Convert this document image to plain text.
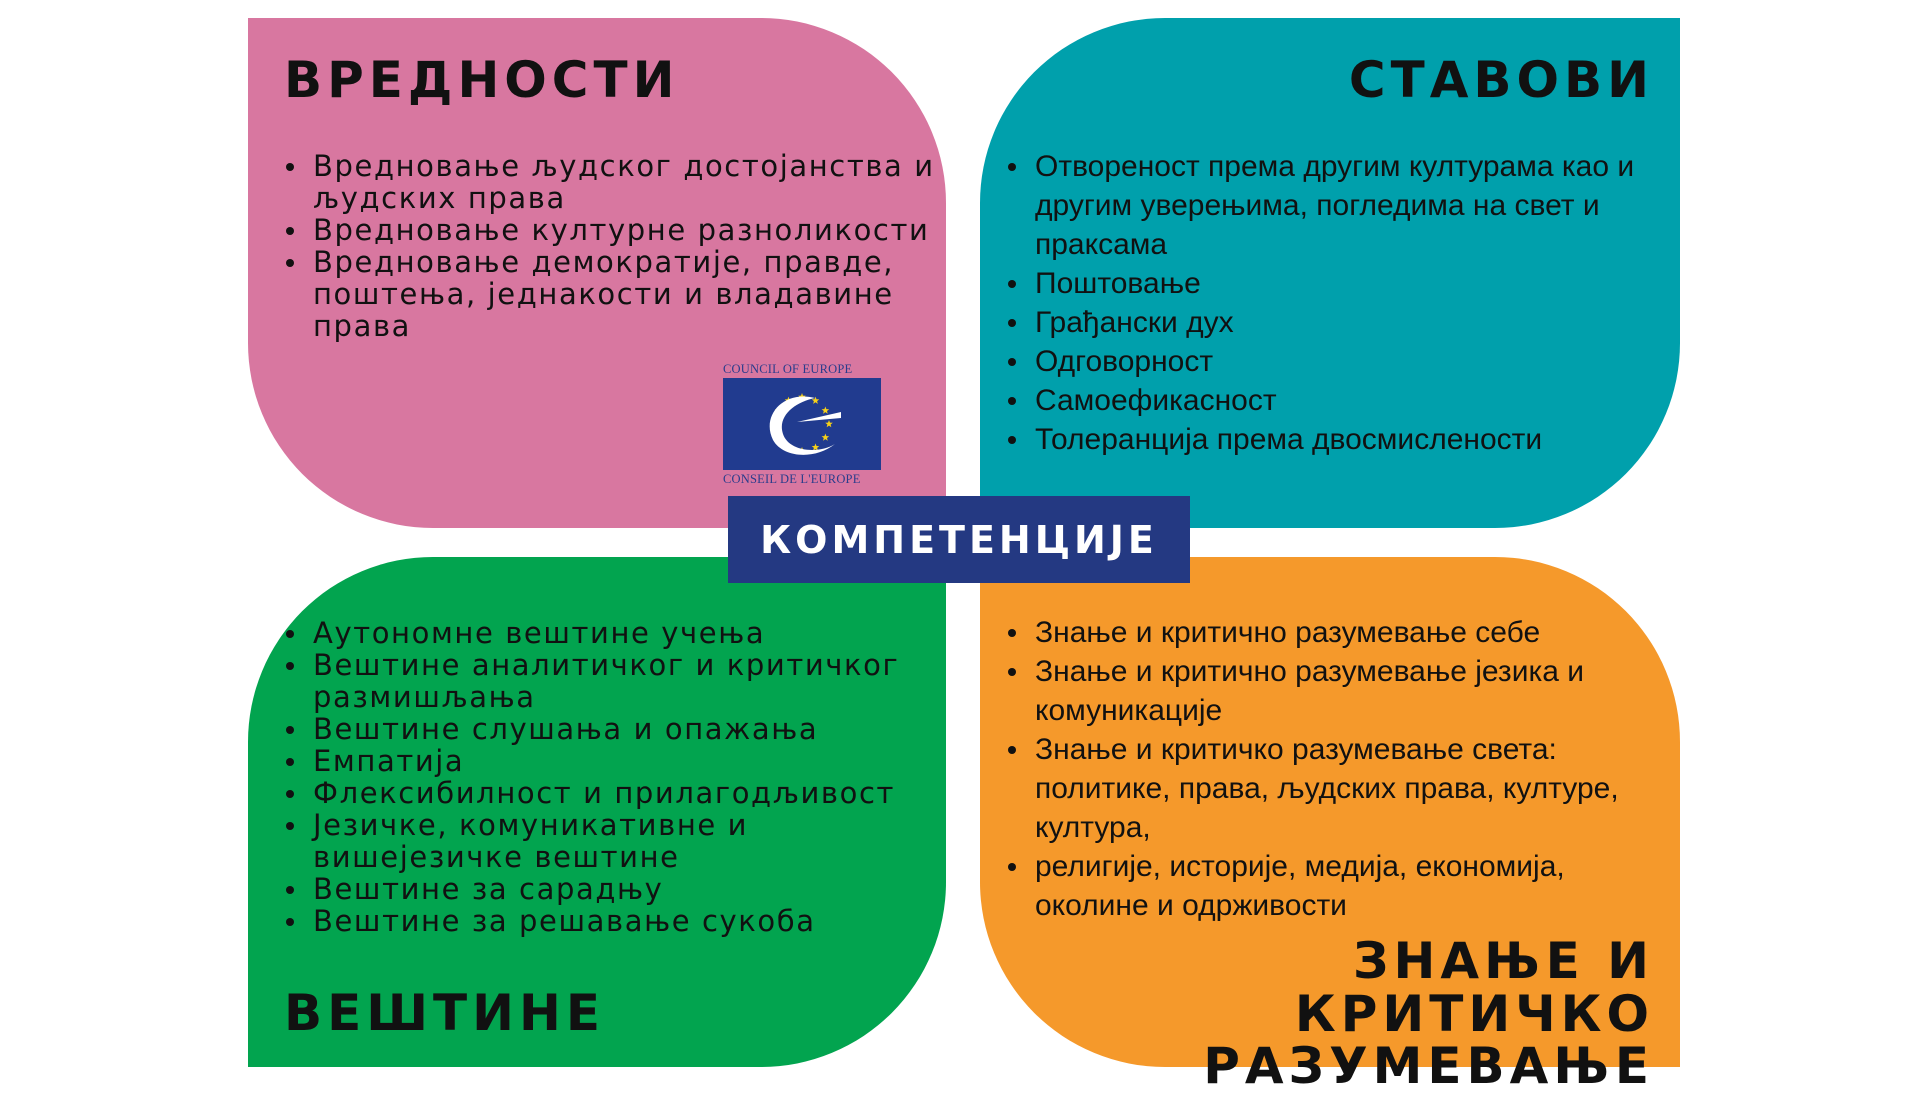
ВРЕДНОСТИ
Вредновање људског достојанства и људских права
Вредновање културне разноликости
Вредновање демократије, правде, поштења, једнакости и владавине права
СТАВОВИ
Отвореност према другим културама као и другим уверењима, погледима на свет и праксама
Поштовање
Грађански дух
Одговорност
Самоефикасност
Толеранција према двосмислености
Аутономне вештине учења
Вештине аналитичког и критичког размишљања
Вештине слушања и опажања
Емпатија
Флексибилност и прилагодљивост
Језичке, комуникативне и вишејезичке вештине
Вештине за сарадњу
Вештине за решавање сукоба
ВЕШТИНЕ
Знање и критично разумевање себе
Знање и критично разумевање језика и комуникације
Знање и критичко разумевање света: политике, права, људских права, културе, култура,
религије, историје, медија, економија, околине и одрживости
ЗНАЊЕ И КРИТИЧКО
РАЗУМЕВАЊЕ
COUNCIL OF EUROPE
CONSEIL DE L'EUROPE
КОМПЕТЕНЦИЈЕ
